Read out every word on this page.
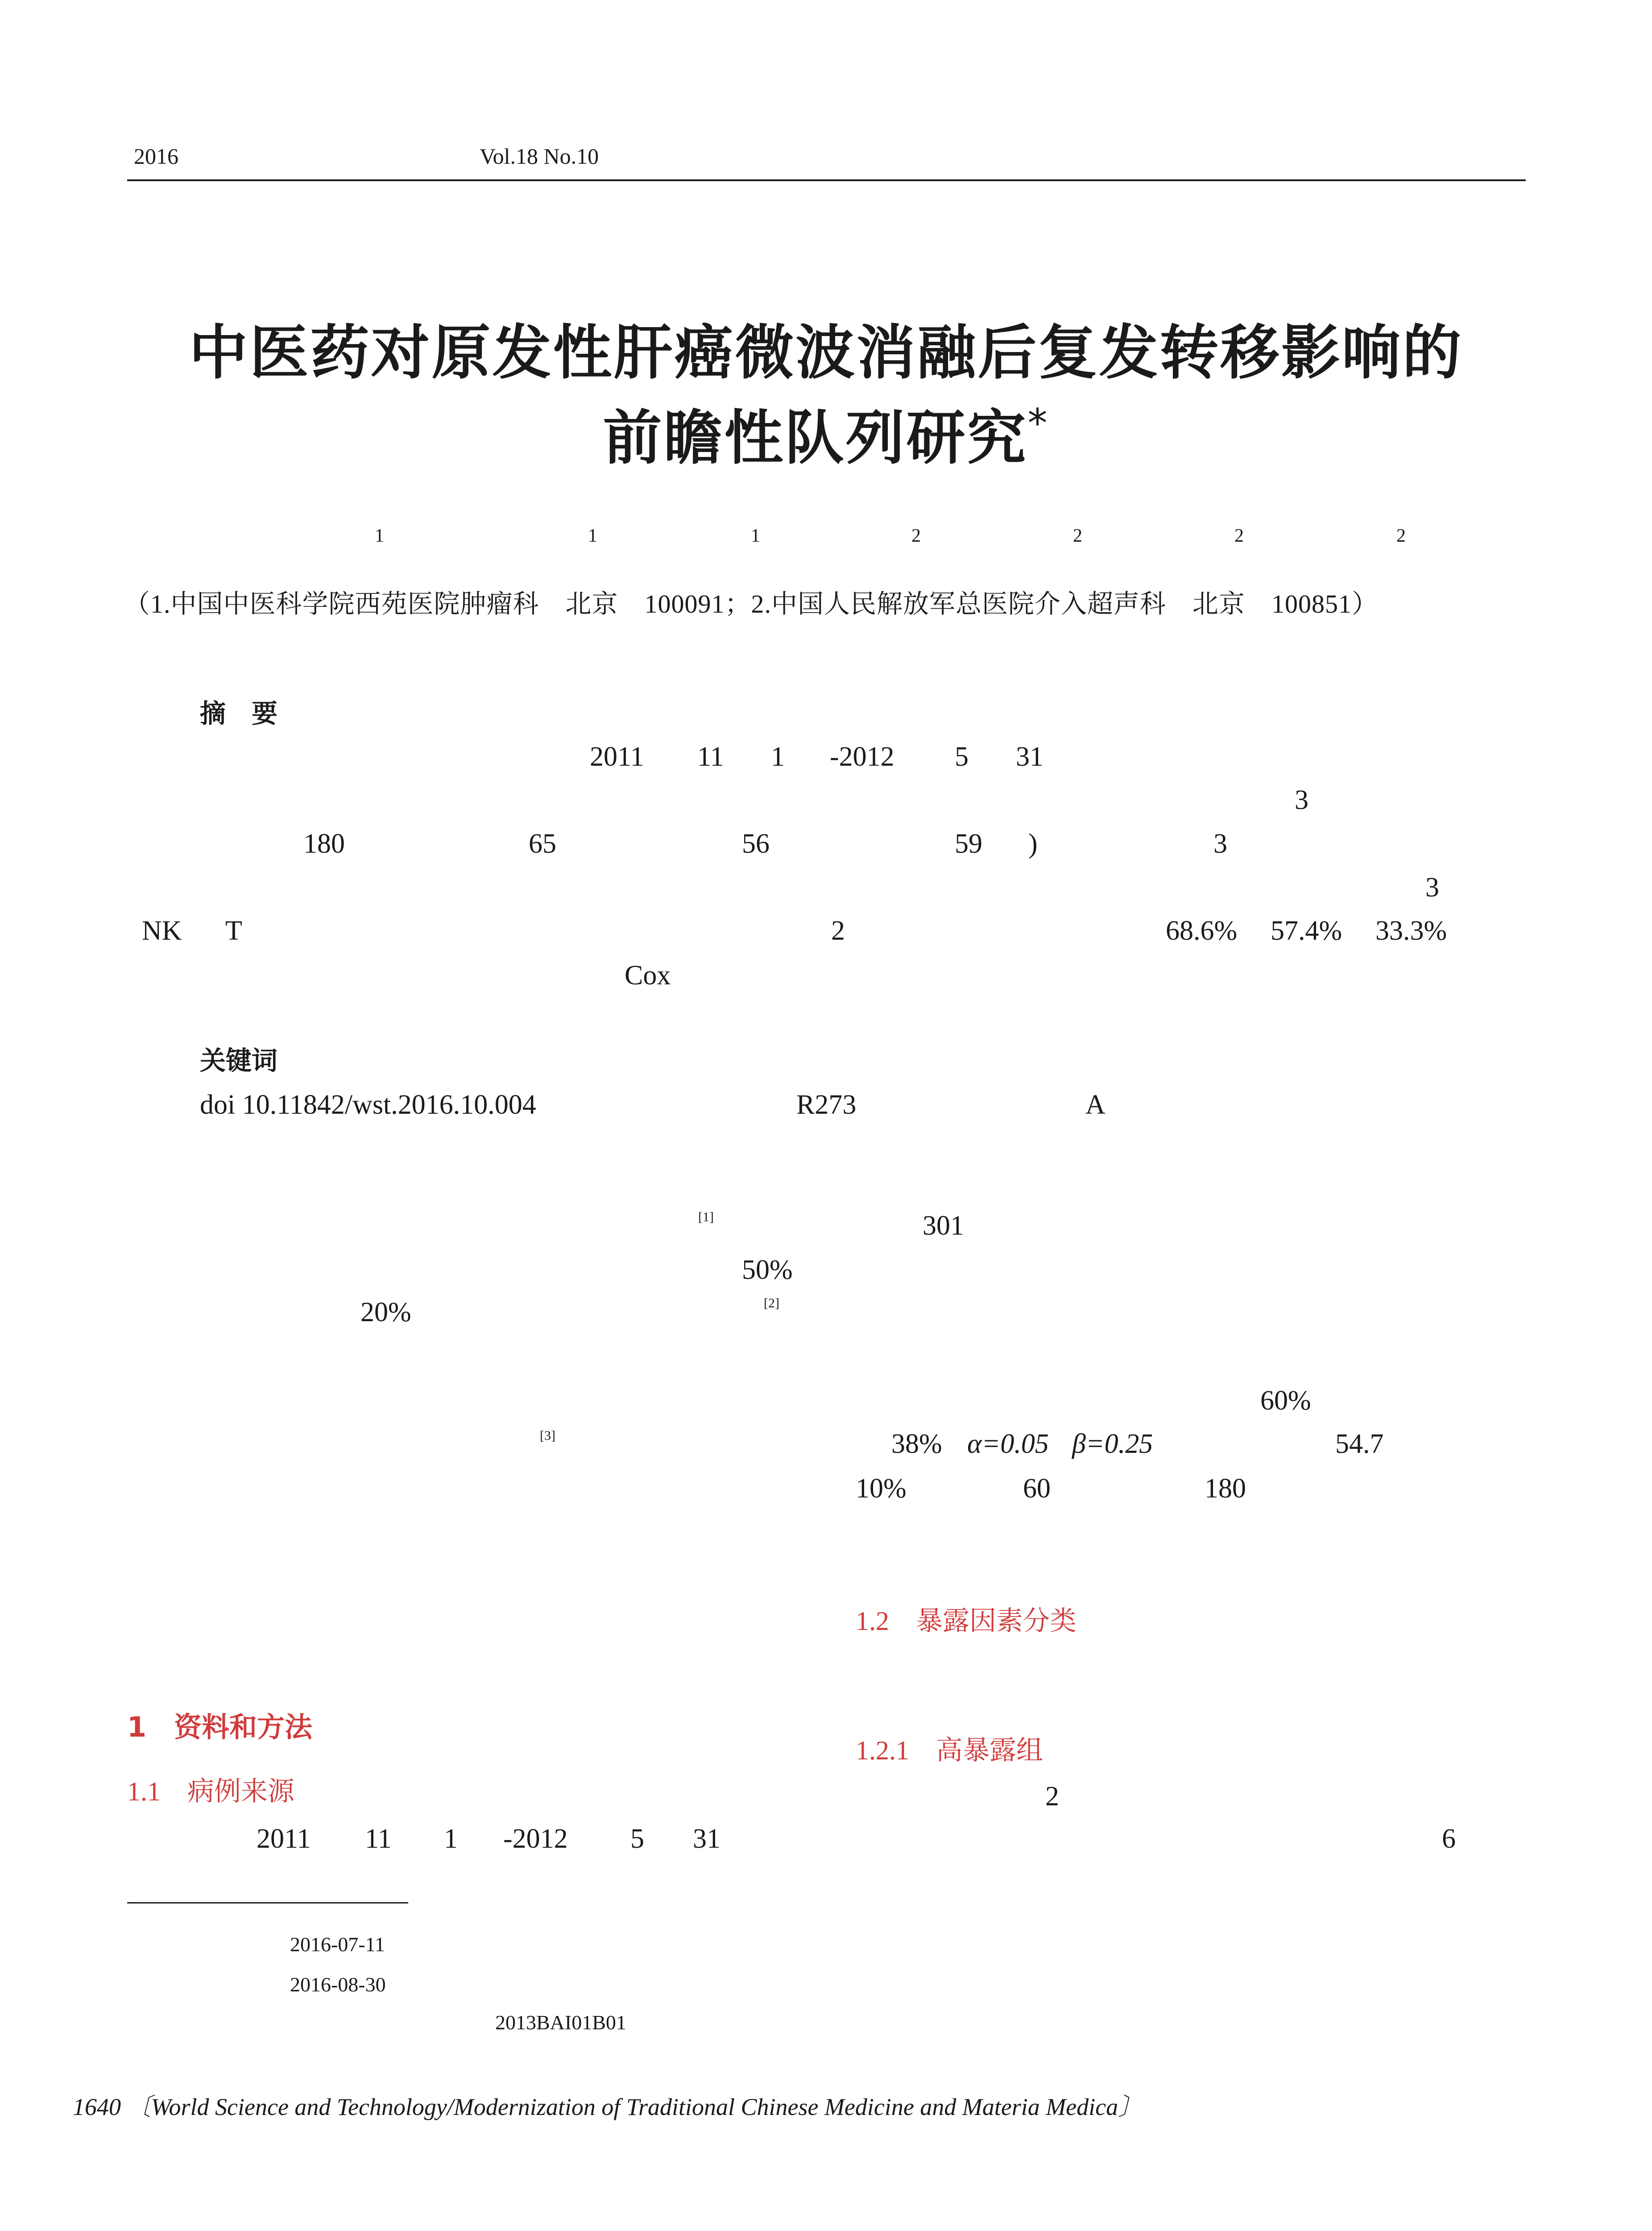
2016	Vol.18 No.10
中医药对原发性肝癌微波消融后复发转移影响的
前瞻性队列研究*
1	1	1	2	2	2	2
（1.中国中医科学院西苑医院肿瘤科　北京　100091；2.中国人民解放军总医院介入超声科　北京　100851）
摘　要
2011 11 1 -2012 5 31
3
180	65	56	59 )	3
3
NK T	2	68.6% 57.4% 33.3%
Cox
关键词
doi 10.11842/wst.2016.10.004	R273	A
[1]	301
50%
20%	[2]
[3]
60%
38% α=0.05 β=0.25	54.7
10%	60	180
1.2　暴露因素分类
1.2.1　高暴露组
2
6
1　资料和方法
1.1　病例来源
2011 11 1 -2012 5 31
2016-07-11
2016-08-30
2013BAI01B01
1640 〔World Science and Technology/Modernization of Traditional Chinese Medicine and Materia Medica〕
